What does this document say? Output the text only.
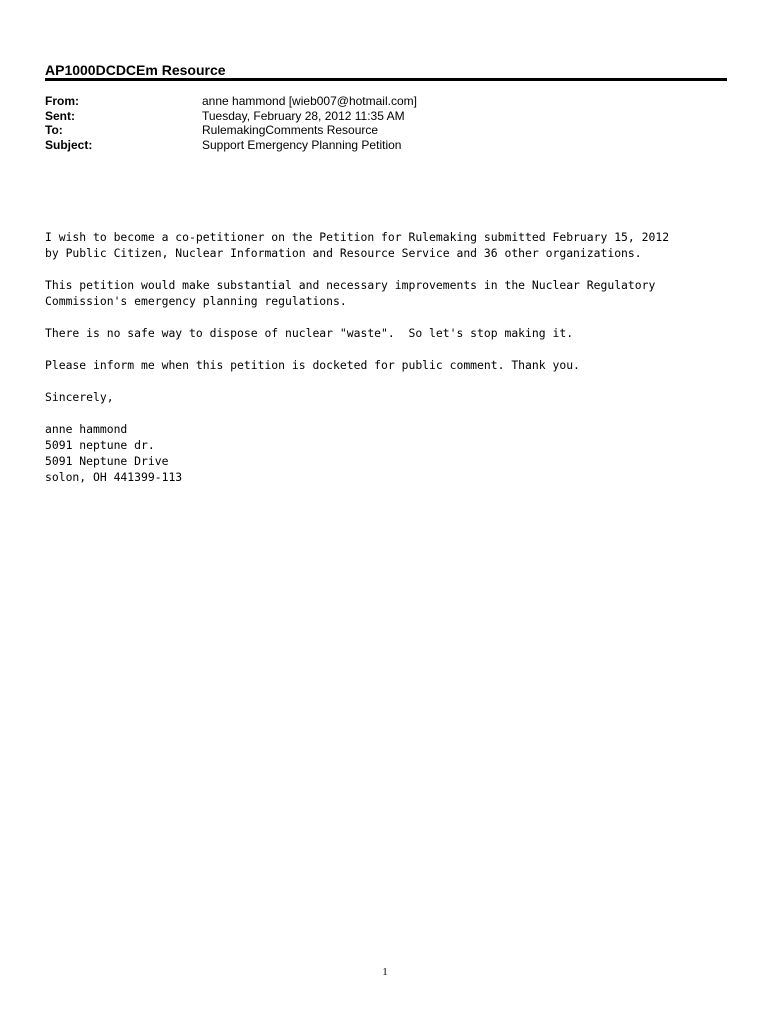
AP1000DCDCEm Resource
From:	anne hammond [wieb007@hotmail.com]
Sent:	Tuesday, February 28, 2012 11:35 AM
To:	RulemakingComments Resource
Subject:	Support Emergency Planning Petition

I wish to become a co-petitioner on the Petition for Rulemaking submitted February 15, 2012
by Public Citizen, Nuclear Information and Resource Service and 36 other organizations.

This petition would make substantial and necessary improvements in the Nuclear Regulatory
Commission's emergency planning regulations.

There is no safe way to dispose of nuclear "waste".  So let's stop making it.

Please inform me when this petition is docketed for public comment. Thank you.

Sincerely,

anne hammond
5091 neptune dr.
5091 Neptune Drive
solon, OH 441399-113
1
